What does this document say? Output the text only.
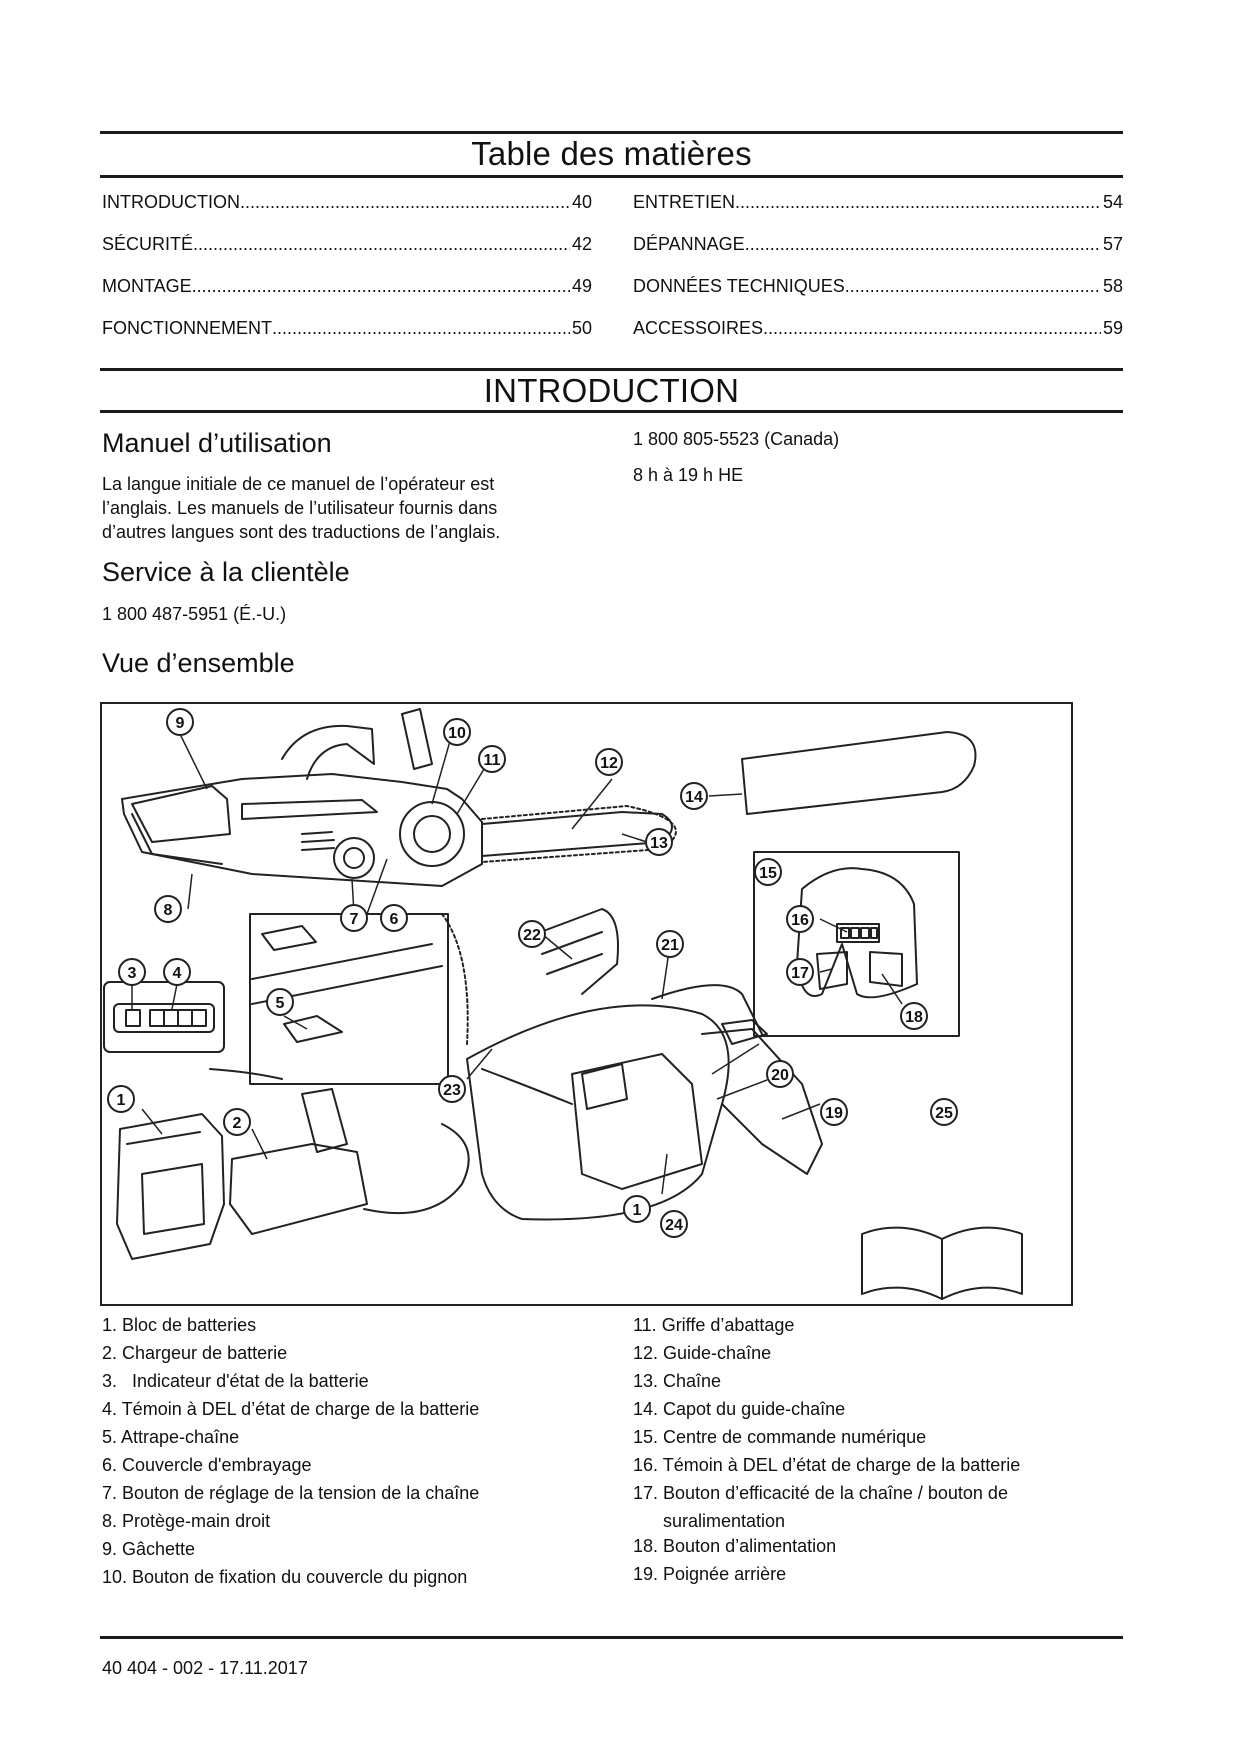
Table des matières
INTRODUCTION .....	40
SÉCURITÉ .....	42
MONTAGE .....	49
FONCTIONNEMENT .....	50
ENTRETIEN .....	54
DÉPANNAGE .....	57
DONNÉES TECHNIQUES .....	58
ACCESSOIRES .....	59
INTRODUCTION
Manuel d’utilisation
La langue initiale de ce manuel de l’opérateur est
l’anglais. Les manuels de l’utilisateur fournis dans
d’autres langues sont des traductions de l’anglais.
Service à la clientèle
1 800 487-5951 (É.-U.)
1 800 805-5523 (Canada)
8 h à 19 h HE
Vue d’ensemble
9
10
11	12
13
14
8
7 6
22
21
15
16
17
18
3 4
5
1
2
23
20
19	25
1
24
1. Bloc de batteries
2. Chargeur de batterie
3.   Indicateur d'état de la batterie
4. Témoin à DEL d’état de charge de la batterie
5. Attrape-chaîne
6. Couvercle d'embrayage
7. Bouton de réglage de la tension de la chaîne
8. Protège-main droit
9. Gâchette
10. Bouton de fixation du couvercle du pignon
11. Griffe d’abattage
12. Guide-chaîne
13. Chaîne
14. Capot du guide-chaîne
15. Centre de commande numérique
16. Témoin à DEL d’état de charge de la batterie
17. Bouton d’efficacité de la chaîne / bouton de
suralimentation
18. Bouton d’alimentation
19. Poignée arrière
40 404 - 002 - 17.11.2017
